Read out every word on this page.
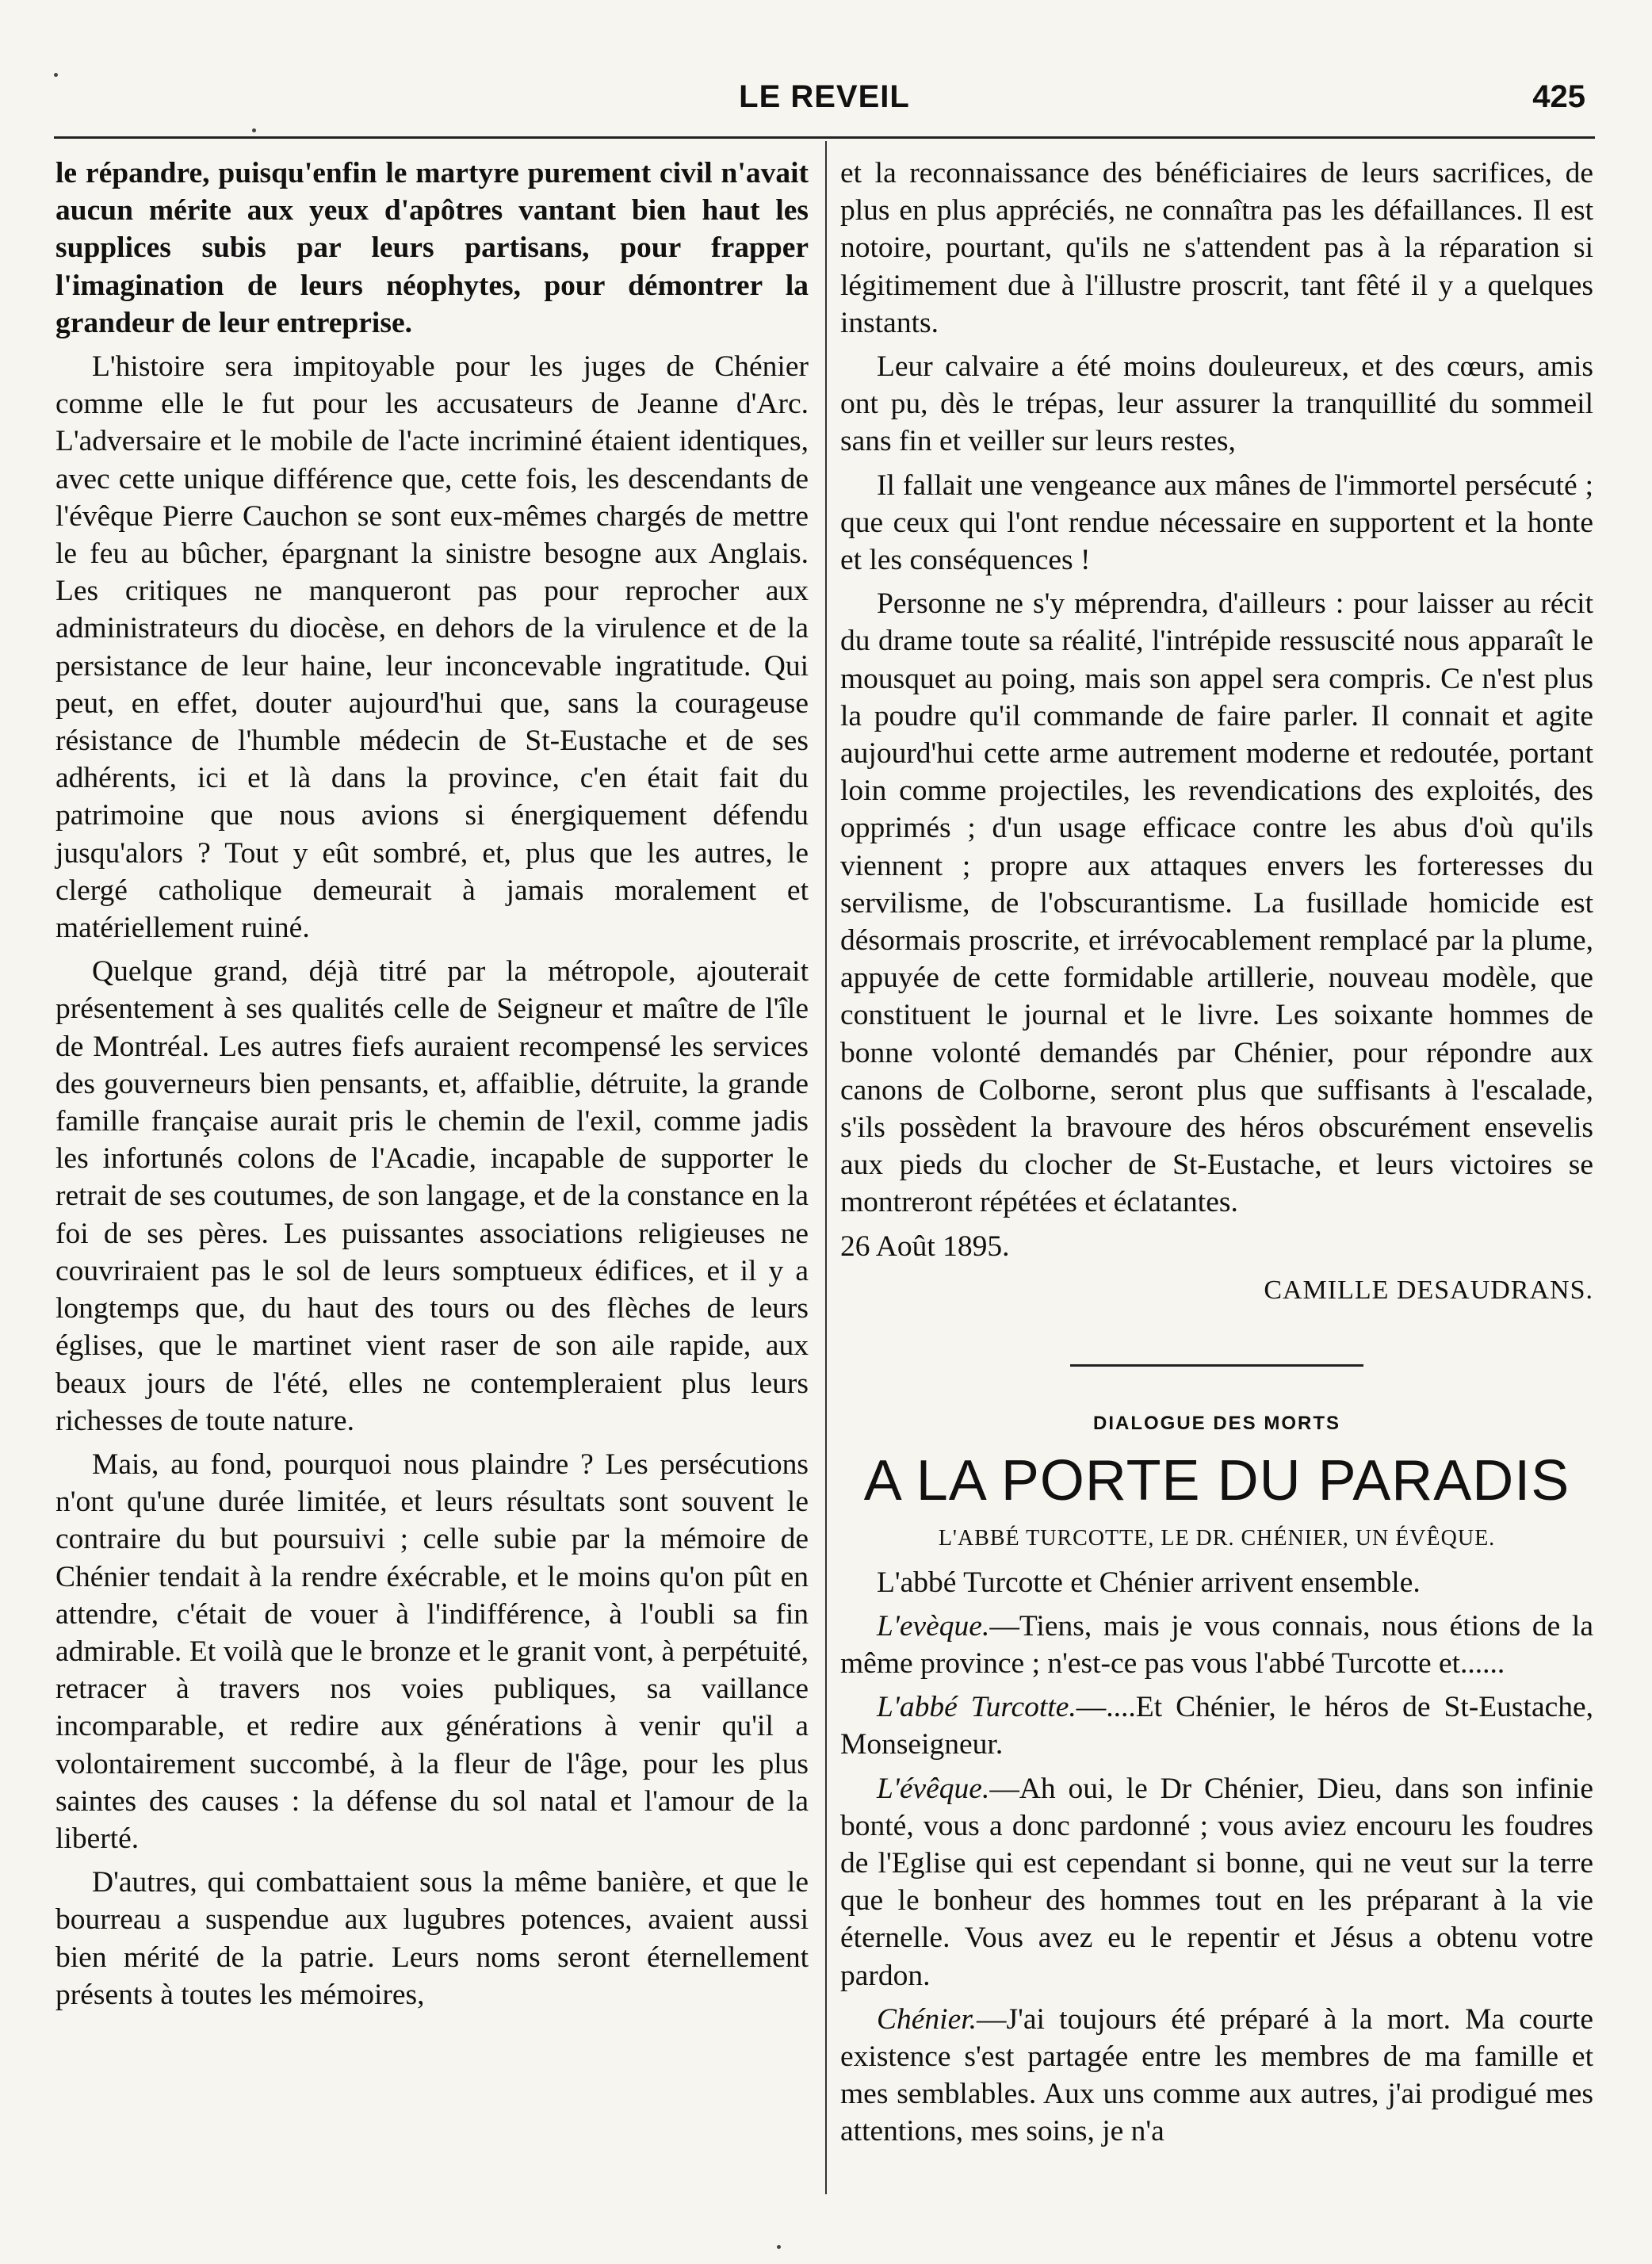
LE REVEIL	425

le répandre, puisqu'enfin le martyre purement civil n'avait aucun mérite aux yeux d'apôtres vantant bien haut les supplices subis par leurs partisans, pour frapper l'imagination de leurs néophytes, pour démontrer la grandeur de leur entreprise.

L'histoire sera impitoyable pour les juges de Chénier comme elle le fut pour les accusateurs de Jeanne d'Arc. L'adversaire et le mobile de l'acte incriminé étaient identiques, avec cette unique différence que, cette fois, les descendants de l'évêque Pierre Cauchon se sont eux-mêmes chargés de mettre le feu au bûcher, épargnant la sinistre besogne aux Anglais. Les critiques ne manqueront pas pour reprocher aux administrateurs du diocèse, en dehors de la virulence et de la persistance de leur haine, leur inconcevable ingratitude. Qui peut, en effet, douter aujourd'hui que, sans la courageuse résistance de l'humble médecin de St-Eustache et de ses adhérents, ici et là dans la province, c'en était fait du patrimoine que nous avions si énergiquement défendu jusqu'alors ? Tout y eût sombré, et, plus que les autres, le clergé catholique demeurait à jamais moralement et matériellement ruiné.

Quelque grand, déjà titré par la métropole, ajouterait présentement à ses qualités celle de Seigneur et maître de l'île de Montréal. Les autres fiefs auraient recompensé les services des gouverneurs bien pensants, et, affaiblie, détruite, la grande famille française aurait pris le chemin de l'exil, comme jadis les infortunés colons de l'Acadie, incapable de supporter le retrait de ses coutumes, de son langage, et de la constance en la foi de ses pères. Les puissantes associations religieuses ne couvriraient pas le sol de leurs somptueux édifices, et il y a longtemps que, du haut des tours ou des flèches de leurs églises, que le martinet vient raser de son aile rapide, aux beaux jours de l'été, elles ne contempleraient plus leurs richesses de toute nature.

Mais, au fond, pourquoi nous plaindre ? Les persécutions n'ont qu'une durée limitée, et leurs résultats sont souvent le contraire du but poursuivi ; celle subie par la mémoire de Chénier tendait à la rendre éxécrable, et le moins qu'on pût en attendre, c'était de vouer à l'indifférence, à l'oubli sa fin admirable. Et voilà que le bronze et le granit vont, à perpétuité, retracer à travers nos voies publiques, sa vaillance incomparable, et redire aux générations à venir qu'il a volontairement succombé, à la fleur de l'âge, pour les plus saintes des causes : la défense du sol natal et l'amour de la liberté.

D'autres, qui combattaient sous la même banière, et que le bourreau a suspendue aux lugubres potences, avaient aussi bien mérité de la patrie. Leurs noms seront éternellement présents à toutes les mémoires,

et la reconnaissance des bénéficiaires de leurs sacrifices, de plus en plus appréciés, ne connaîtra pas les défaillances. Il est notoire, pourtant, qu'ils ne s'attendent pas à la réparation si légitimement due à l'illustre proscrit, tant fêté il y a quelques instants.

Leur calvaire a été moins douleureux, et des cœurs, amis ont pu, dès le trépas, leur assurer la tranquillité du sommeil sans fin et veiller sur leurs restes,

Il fallait une vengeance aux mânes de l'immortel persécuté ; que ceux qui l'ont rendue nécessaire en supportent et la honte et les conséquences !

Personne ne s'y méprendra, d'ailleurs : pour laisser au récit du drame toute sa réalité, l'intrépide ressuscité nous apparaît le mousquet au poing, mais son appel sera compris. Ce n'est plus la poudre qu'il commande de faire parler. Il connait et agite aujourd'hui cette arme autrement moderne et redoutée, portant loin comme projectiles, les revendications des exploités, des opprimés ; d'un usage efficace contre les abus d'où qu'ils viennent ; propre aux attaques envers les forteresses du servilisme, de l'obscurantisme. La fusillade homicide est désormais proscrite, et irrévocablement remplacé par la plume, appuyée de cette formidable artillerie, nouveau modèle, que constituent le journal et le livre. Les soixante hommes de bonne volonté demandés par Chénier, pour répondre aux canons de Colborne, seront plus que suffisants à l'escalade, s'ils possèdent la bravoure des héros obscurément ensevelis aux pieds du clocher de St-Eustache, et leurs victoires se montreront répétées et éclatantes.

26 Août 1895.

CAMILLE DESAUDRANS.

DIALOGUE DES MORTS

A LA PORTE DU PARADIS

L'ABBÉ TURCOTTE, LE DR. CHÉNIER, UN ÉVÊQUE.

L'abbé Turcotte et Chénier arrivent ensemble.

L'evèque.—Tiens, mais je vous connais, nous étions de la même province ; n'est-ce pas vous l'abbé Turcotte et......

L'abbé Turcotte.—....Et Chénier, le héros de St-Eustache, Monseigneur.

L'évêque.—Ah oui, le Dr Chénier, Dieu, dans son infinie bonté, vous a donc pardonné ; vous aviez encouru les foudres de l'Eglise qui est cependant si bonne, qui ne veut sur la terre que le bonheur des hommes tout en les préparant à la vie éternelle. Vous avez eu le repentir et Jésus a obtenu votre pardon.

Chénier.—J'ai toujours été préparé à la mort. Ma courte existence s'est partagée entre les membres de ma famille et mes semblables. Aux uns comme aux autres, j'ai prodigué mes attentions, mes soins, je n'a
